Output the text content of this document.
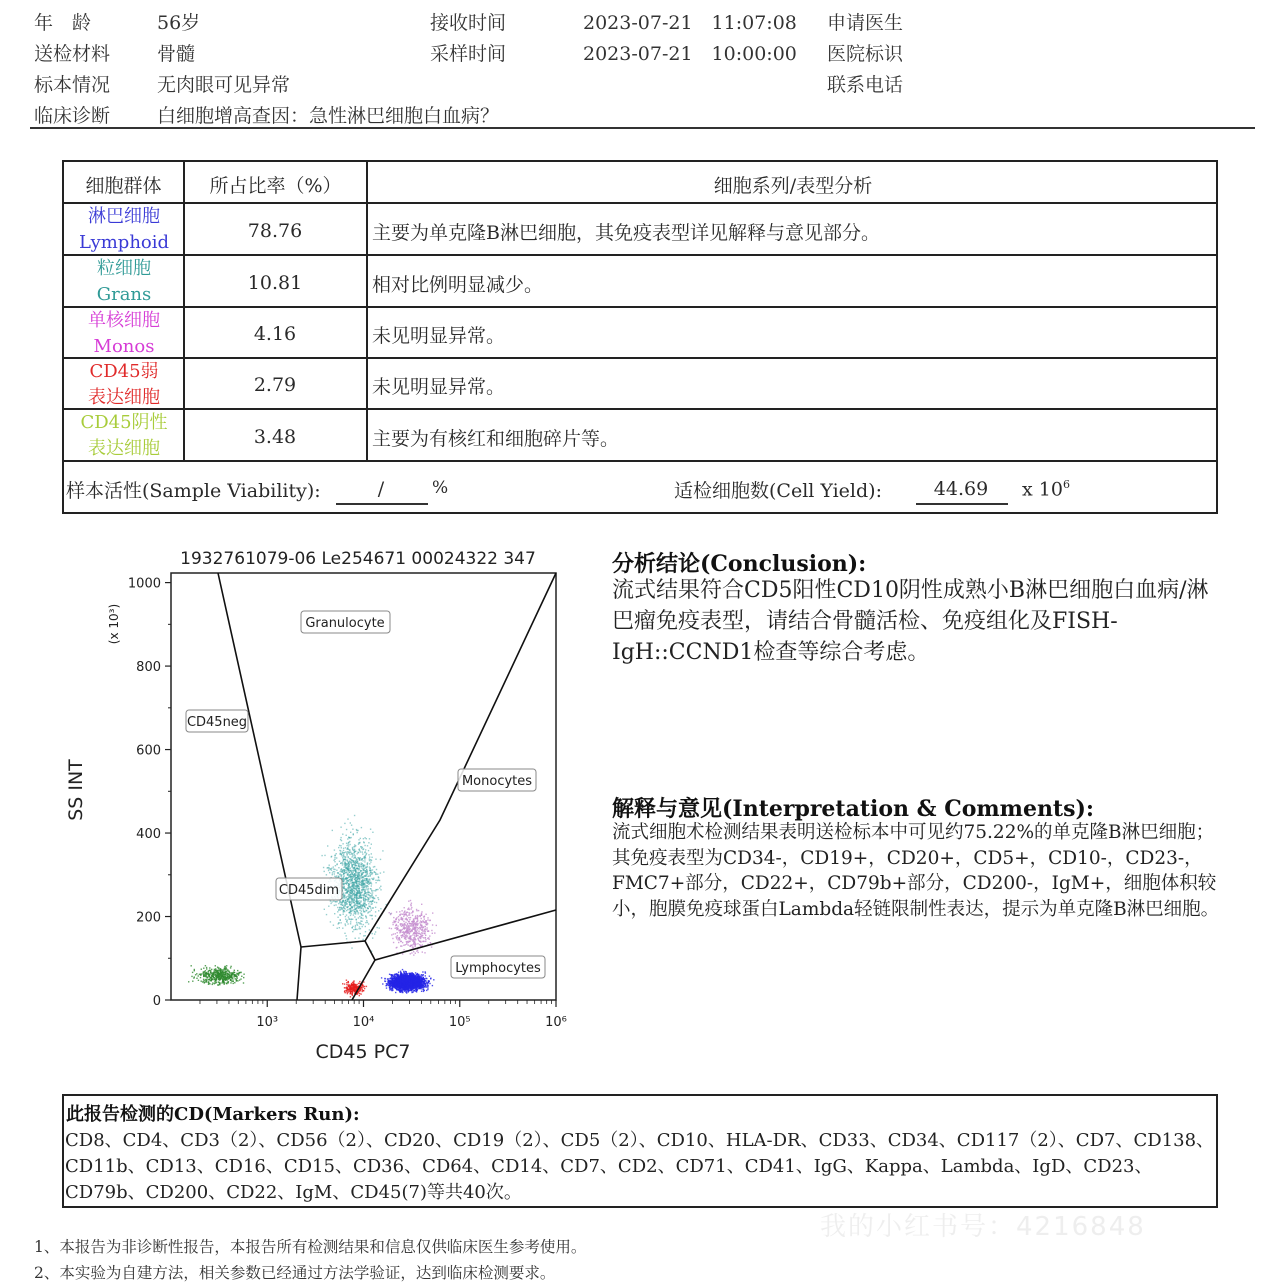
年　龄	56岁	接收时间	2023-07-21　11:07:08 申请医生
送检材料 骨髓	采样时间	2023-07-21　10:00:00 医院标识
标本情况 无肉眼可见异常	联系电话
临床诊断 白细胞增高查因：急性淋巴细胞白血病？
细胞群体	所占比率（%）	细胞系列/表型分析
淋巴细胞
Lymphoid
78.76	主要为单克隆B淋巴细胞，其免疫表型详见解释与意见部分。
粒细胞
Grans
10.81	相对比例明显减少。
单核细胞
Monos
4.16	未见明显异常。
CD45弱
表达细胞
2.79	未见明显异常。
CD45阴性
表达细胞
3.48	主要为有核红和细胞碎片等。
样本活性(Sample Viability):	/	%	适检细胞数(Cell Yield):	44.69	x $10^6$
1932761079-06 Le254671 00024322 347
SS INT
(x 10³)
CD45 PC7
0
200
400
600
800
1000
10³	10⁴	10⁵	10⁶
Granulocyte
CD45neg
Monocytes
CD45dim
Lymphocytes
分析结论(Conclusion):
流式结果符合CD5阳性CD10阴性成熟小B淋巴细胞白血病/淋巴瘤免疫表型，请结合骨髓活检、免疫组化及FISH-IgH::CCND1检查等综合考虑。
解释与意见(Interpretation & Comments):
流式细胞术检测结果表明送检标本中可见约75.22%的单克隆B淋巴细胞；其免疫表型为CD34-，CD19+，CD20+，CD5+，CD10-，CD23-，FMC7+部分，CD22+，CD79b+部分，CD200-，IgM+，细胞体积较小，胞膜免疫球蛋白Lambda轻链限制性表达，提示为单克隆B淋巴细胞。
此报告检测的CD(Markers Run):
CD8、CD4、CD3（2）、CD56（2）、CD20、CD19（2）、CD5（2）、CD10、HLA-DR、CD33、CD34、CD117（2）、CD7、CD138、CD11b、CD13、CD16、CD15、CD36、CD64、CD14、CD7、CD2、CD71、CD41、IgG、Kappa、Lambda、IgD、CD23、CD79b、CD200、CD22、IgM、CD45(7)等共40次。
1、本报告为非诊断性报告，本报告所有检测结果和信息仅供临床医生参考使用。
2、本实验为自建方法，相关参数已经通过方法学验证，达到临床检测要求。
我的小红书号：4216848
